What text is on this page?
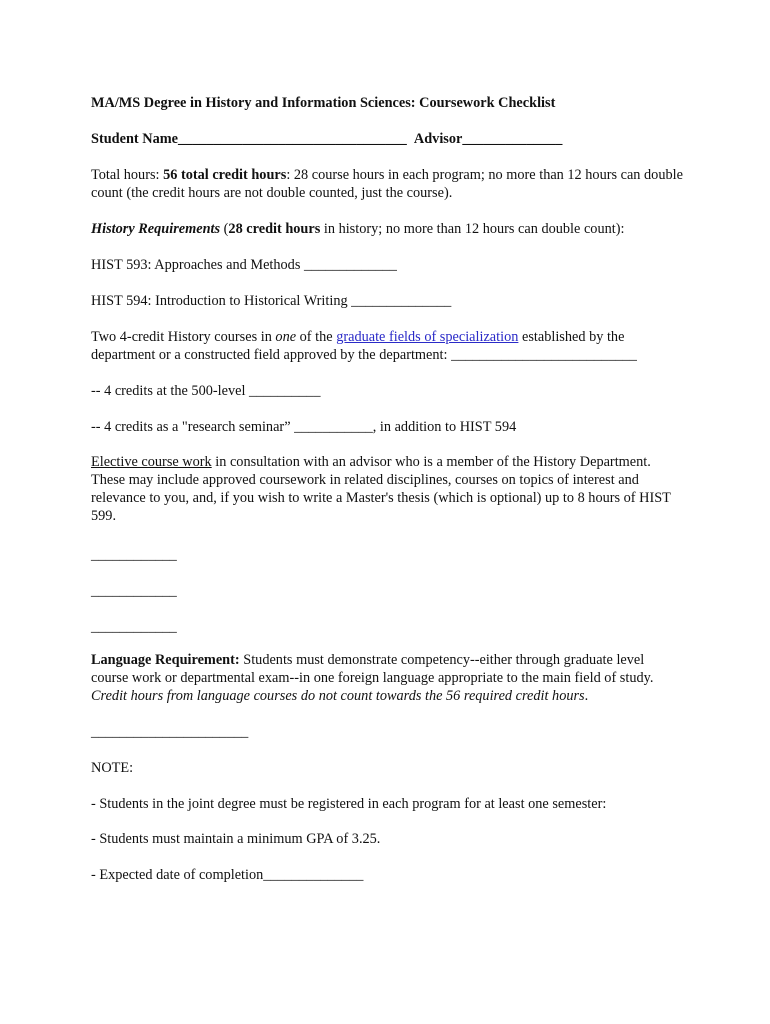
MA/MS Degree in History and Information Sciences: Coursework Checklist

Student Name________________________________ Advisor______________

Total hours: 56 total credit hours: 28 course hours in each program; no more than 12 hours can double count (the credit hours are not double counted, just the course).

History Requirements (28 credit hours in history; no more than 12 hours can double count):

HIST 593: Approaches and Methods _____________

HIST 594: Introduction to Historical Writing ______________

Two 4-credit History courses in one of the graduate fields of specialization established by the department or a constructed field approved by the department: __________________________

-- 4 credits at the 500-level __________

-- 4 credits as a "research seminar” ___________, in addition to HIST 594

Elective course work in consultation with an advisor who is a member of the History Department. These may include approved coursework in related disciplines, courses on topics of interest and relevance to you, and, if you wish to write a Master's thesis (which is optional) up to 8 hours of HIST 599.

____________

____________

____________

Language Requirement: Students must demonstrate competency--either through graduate level course work or departmental exam--in one foreign language appropriate to the main field of study. Credit hours from language courses do not count towards the 56 required credit hours.

______________________

NOTE:

- Students in the joint degree must be registered in each program for at least one semester:

- Students must maintain a minimum GPA of 3.25.

- Expected date of completion______________
